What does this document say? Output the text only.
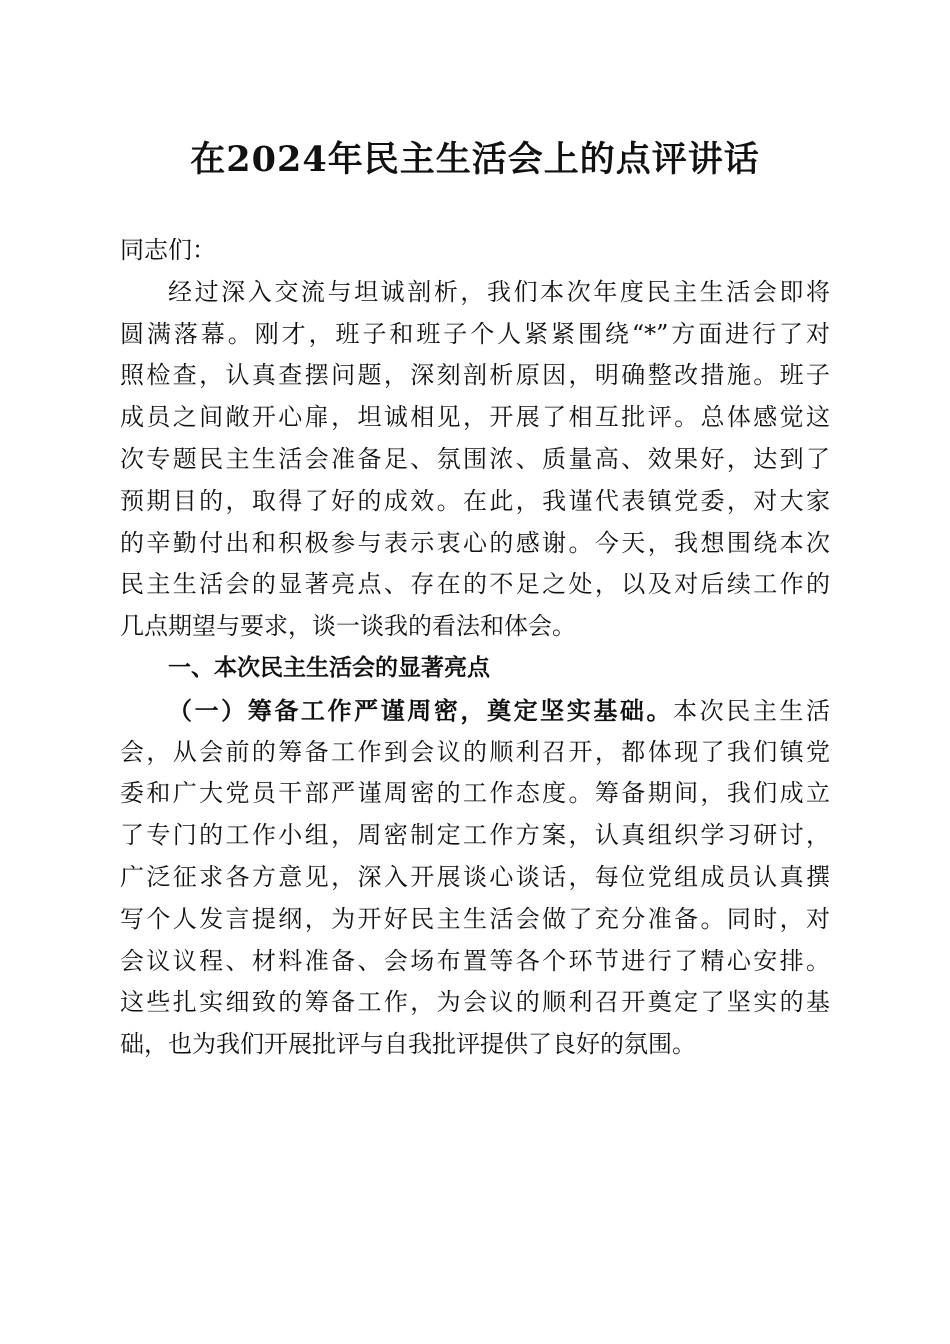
在2024年民主生活会上的点评讲话
同志们：
经过深入交流与坦诚剖析，我们本次年度民主生活会即将
圆满落幕。刚才，班子和班子个人紧紧围绕“*”方面进行了对
照检查，认真查摆问题，深刻剖析原因，明确整改措施。班子
成员之间敞开心扉，坦诚相见，开展了相互批评。总体感觉这
次专题民主生活会准备足、氛围浓、质量高、效果好，达到了
预期目的，取得了好的成效。在此，我谨代表镇党委，对大家
的辛勤付出和积极参与表示衷心的感谢。今天，我想围绕本次
民主生活会的显著亮点、存在的不足之处，以及对后续工作的
几点期望与要求，谈一谈我的看法和体会。
一、本次民主生活会的显著亮点
（一）筹备工作严谨周密，奠定坚实基础。本次民主生活
会，从会前的筹备工作到会议的顺利召开，都体现了我们镇党
委和广大党员干部严谨周密的工作态度。筹备期间，我们成立
了专门的工作小组，周密制定工作方案，认真组织学习研讨，
广泛征求各方意见，深入开展谈心谈话，每位党组成员认真撰
写个人发言提纲，为开好民主生活会做了充分准备。同时，对
会议议程、材料准备、会场布置等各个环节进行了精心安排。
这些扎实细致的筹备工作，为会议的顺利召开奠定了坚实的基
础，也为我们开展批评与自我批评提供了良好的氛围。
